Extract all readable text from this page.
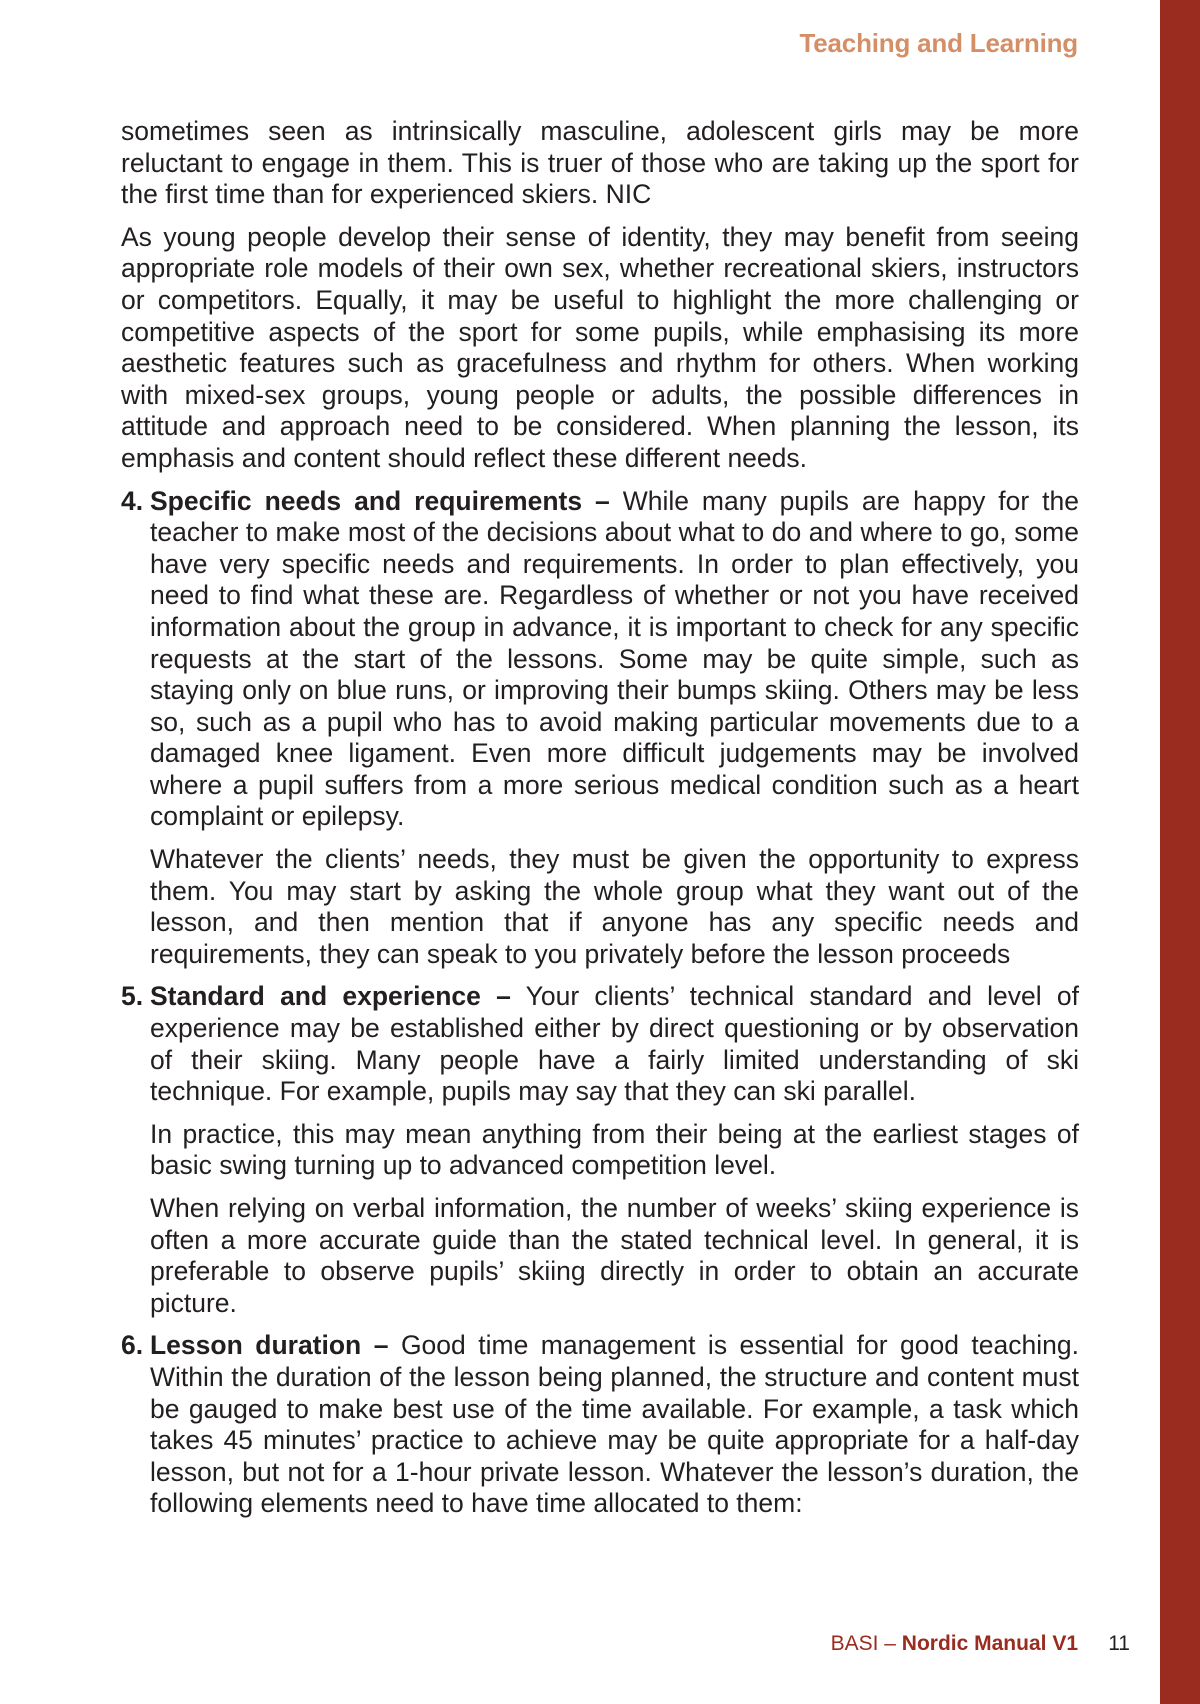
Teaching and Learning

sometimes seen as intrinsically masculine, adolescent girls may be more reluctant to engage in them. This is truer of those who are taking up the sport for the first time than for experienced skiers. NIC

As young people develop their sense of identity, they may benefit from seeing appropriate role models of their own sex, whether recreational skiers, instructors or competitors. Equally, it may be useful to highlight the more challenging or competitive aspects of the sport for some pupils, while emphasising its more aesthetic features such as gracefulness and rhythm for others. When working with mixed-sex groups, young people or adults, the possible differences in attitude and approach need to be considered. When planning the lesson, its emphasis and content should reflect these different needs.

4. Specific needs and requirements – While many pupils are happy for the teacher to make most of the decisions about what to do and where to go, some have very specific needs and requirements. In order to plan effectively, you need to find what these are. Regardless of whether or not you have received information about the group in advance, it is important to check for any specific requests at the start of the lessons. Some may be quite simple, such as staying only on blue runs, or improving their bumps skiing. Others may be less so, such as a pupil who has to avoid making particular movements due to a damaged knee ligament. Even more difficult judgements may be involved where a pupil suffers from a more serious medical condition such as a heart complaint or epilepsy.

Whatever the clients’ needs, they must be given the opportunity to express them. You may start by asking the whole group what they want out of the lesson, and then mention that if anyone has any specific needs and requirements, they can speak to you privately before the lesson proceeds

5. Standard and experience – Your clients’ technical standard and level of experience may be established either by direct questioning or by observation of their skiing. Many people have a fairly limited understanding of ski technique. For example, pupils may say that they can ski parallel.

In practice, this may mean anything from their being at the earliest stages of basic swing turning up to advanced competition level.

When relying on verbal information, the number of weeks’ skiing experience is often a more accurate guide than the stated technical level. In general, it is preferable to observe pupils’ skiing directly in order to obtain an accurate picture.

6. Lesson duration – Good time management is essential for good teaching. Within the duration of the lesson being planned, the structure and content must be gauged to make best use of the time available. For example, a task which takes 45 minutes’ practice to achieve may be quite appropriate for a half-day lesson, but not for a 1-hour private lesson. Whatever the lesson’s duration, the following elements need to have time allocated to them:

BASI – Nordic Manual V1 11
